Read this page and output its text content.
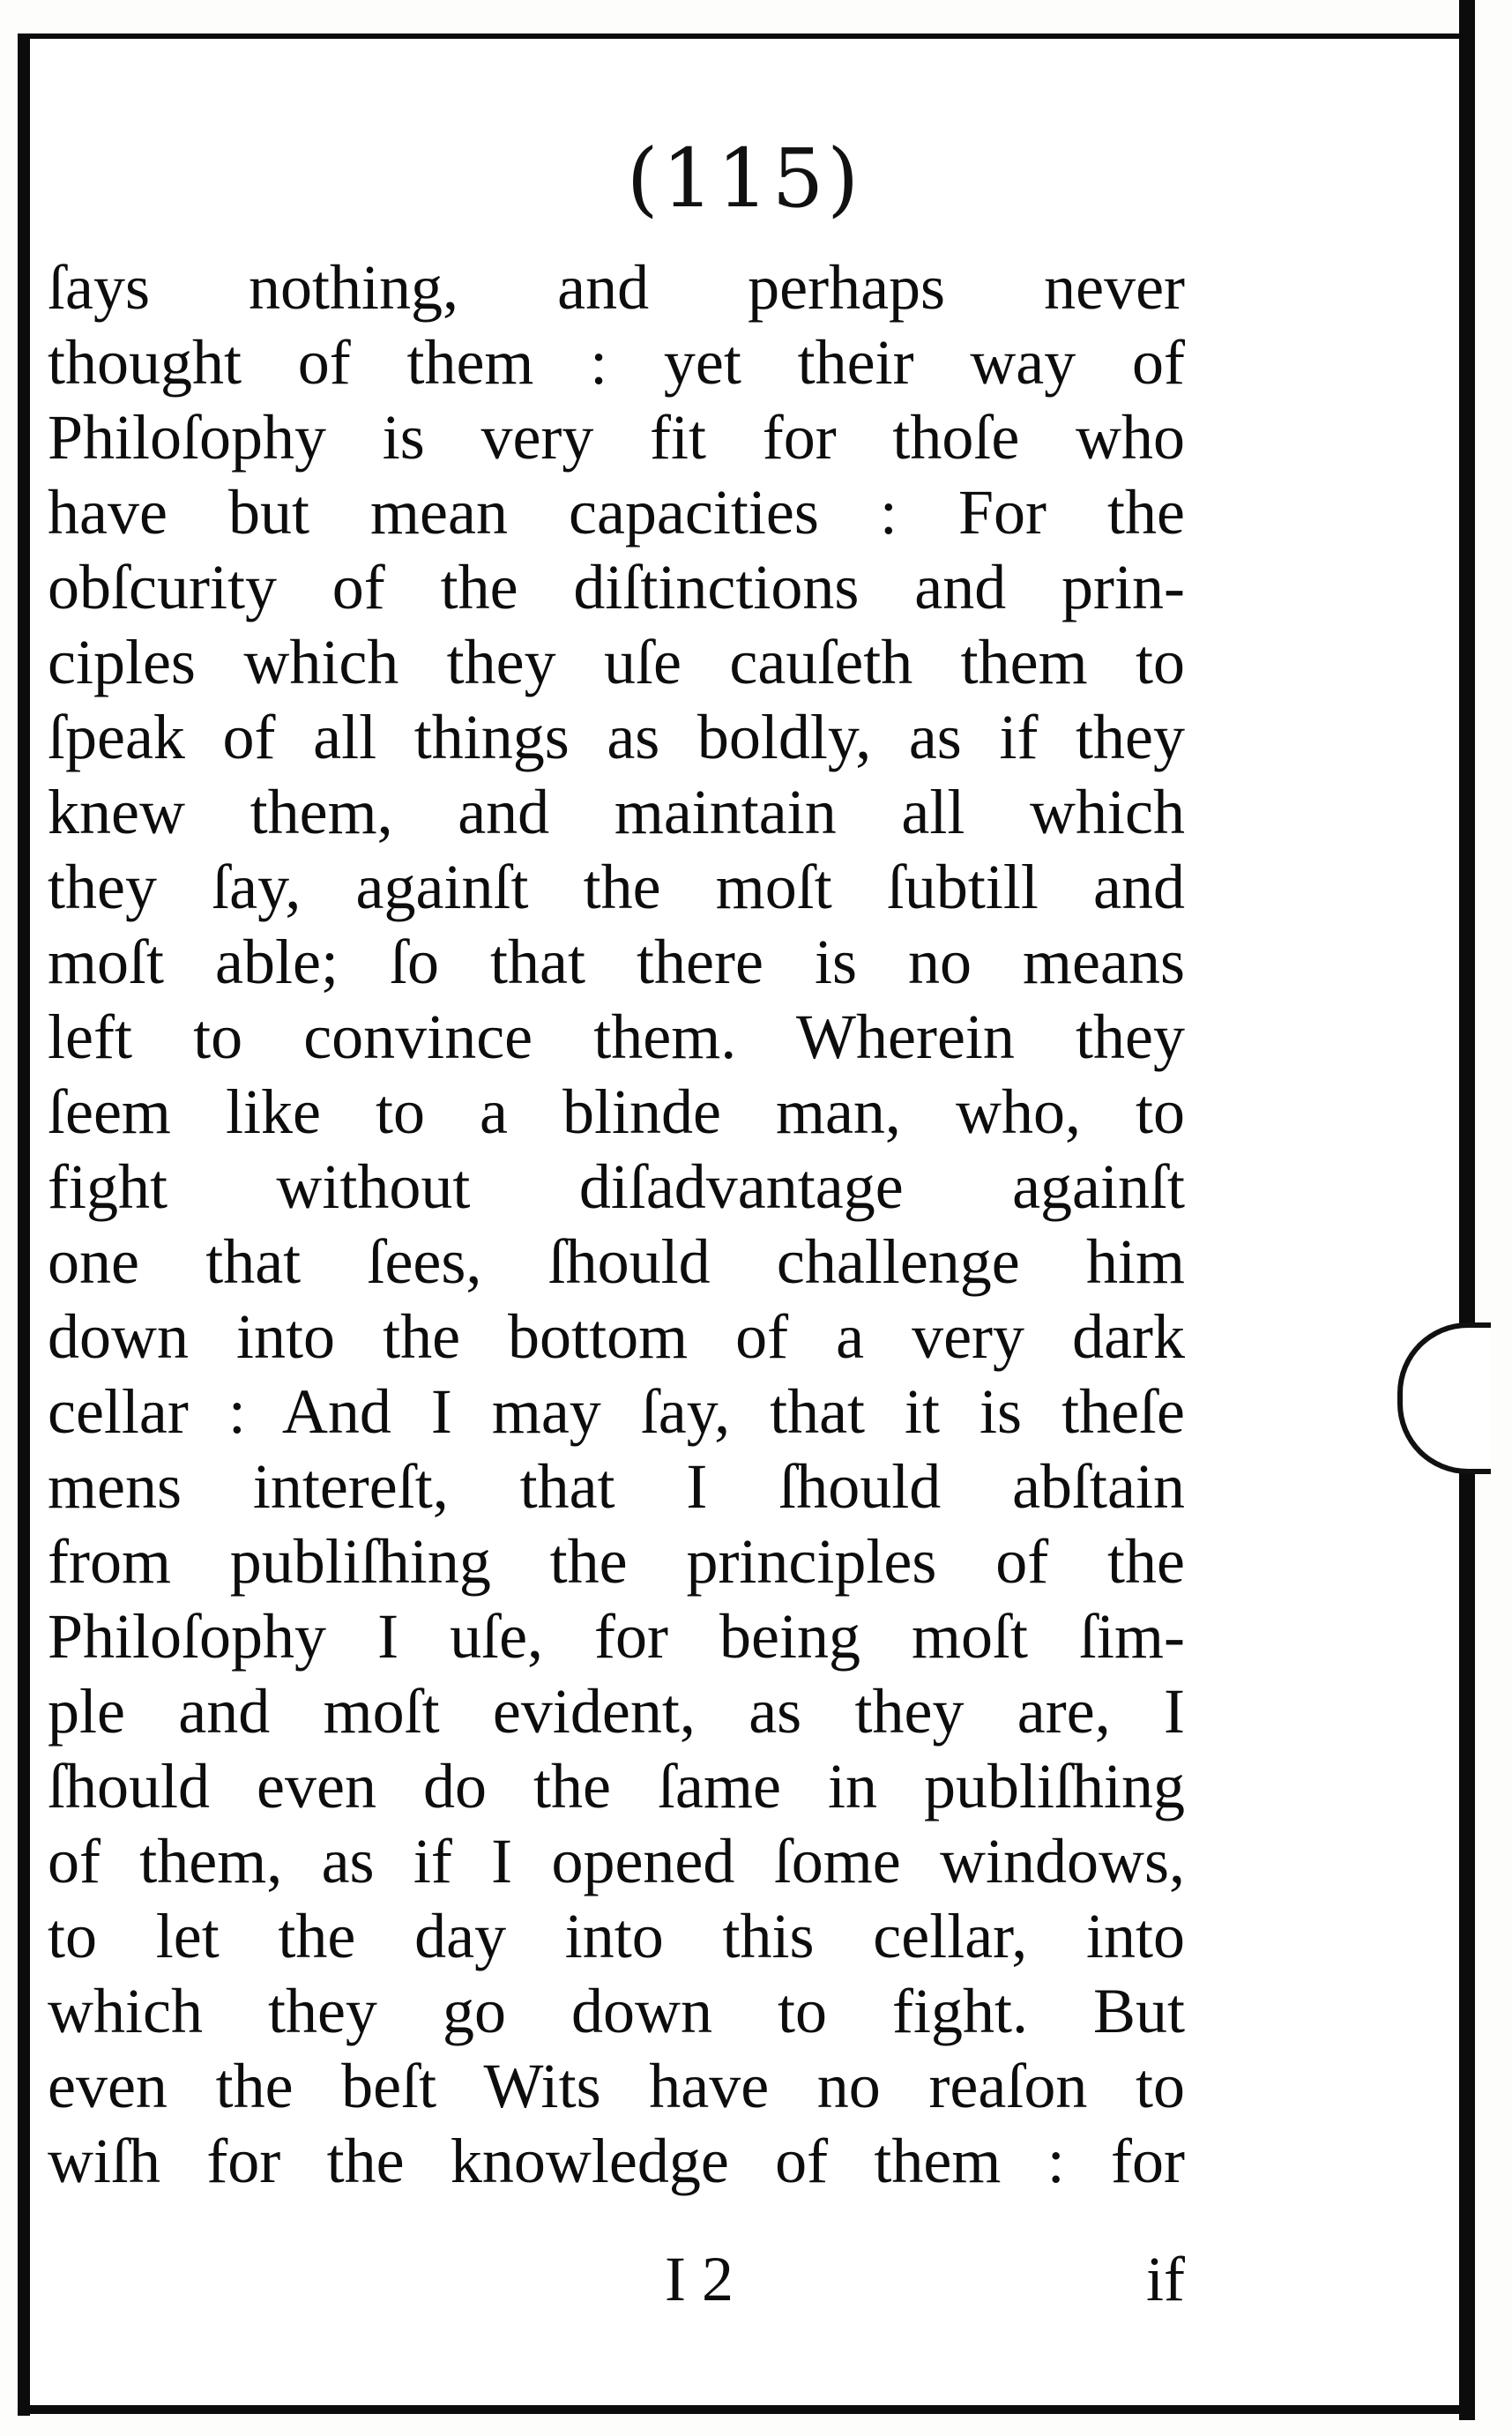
(115)
ſays nothing, and perhaps never
thought of them : yet their way of
Philoſophy is very fit for thoſe who
have but mean capacities : For the
obſcurity of the diſtinctions and prin-
ciples which they uſe cauſeth them to
ſpeak of all things as boldly, as if they
knew them, and maintain all which
they ſay, againſt the moſt ſubtill and
moſt able; ſo that there is no means
left to convince them. Wherein they
ſeem like to a blinde man, who, to
fight without diſadvantage againſt
one that ſees, ſhould challenge him
down into the bottom of a very dark
cellar : And I may ſay, that it is theſe
mens intereſt, that I ſhould abſtain
from publiſhing the principles of the
Philoſophy I uſe, for being moſt ſim-
ple and moſt evident, as they are, I
ſhould even do the ſame in publiſhing
of them, as if I opened ſome windows,
to let the day into this cellar, into
which they go down to fight. But
even the beſt Wits have no reaſon to
wiſh for the knowledge of them : for
I 2	if
